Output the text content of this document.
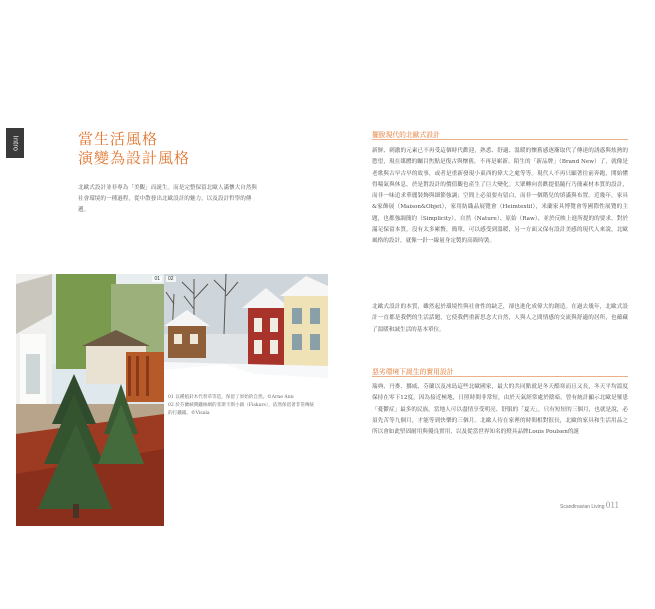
Intro	當生活風格
演變為設計風格
北歐式設計並非專為「美觀」而誕生。而是完整保留北歐人滿懷大自然與社會環境的一種過程，從中散發出北歐設計的魅力，以及設計哲學的傳遞。
01	02
01 以種植針木代替草等造，保留了原始的自然。©Arne Ann
02 於芬蘭峽灣鐵絲網的菲斯卡斯小鎮（Fiskars），依然保留著非常傳統的打鐵鋪。©Visala
擺脫現代的北歐式設計
新鮮、刺激的元素已不再受這個時代歡迎，熟悉、舒適、溫暖的懷舊感逐漸取代了傳達的誘惑與炫熱的慾望，現在媒體的矚目焦點是復古與懷舊，不再是嶄新、陌生的「新品牌」（Brand New）了，就像是老歌與古早古早的故事，或者是重新發現小東西的偉大之處等等。現代人不再只顧著往前奔跑，開始懂得喘氣與休息，於是對設計的價值觀也產生了巨大變化。大眾轉向喜歡提倡隨行乃簡素材本質的設計，而非一味追求華麗裝飾與細節強調；空間上必須要有留白，而非一個階兒的填滿與布置。近幾年，家具&家飾展（Maison&Objet），家用紡織品展覽會（Heimtextil），米蘭家具博覽會等國際性展覽的主題，也都強調簡約（Simplicity）、自然（Nature）、原始（Raw）、並於反映上進所提的的要求。對於滿足保留本質，沒有太多累贅，簡單，可以感受到溫暖，另一方面又保有設計美感的現代人來說，北歐風格的設計，就像一針一線量身定製的高級時裝。
北歐式設計的本質，雖然起於環境性與社會性的缺乏，卻也進化成偉大的創造。在過去幾年，北歐式設計一直都是我們的生活話題，它使我們重新思念大自然，人與人之間情感的交流與舒適的居所，也蘊藏了溫暖和誠生活的基本單位。
惡劣環境下誕生的實用設計
瑞典、丹麥、挪威、芬蘭以及冰島這些北歐國家，最大的共同點就是冬天酷寒而且又長，冬天平均溫度保持在零下12度，因為接近極地，日照時間非常短，由於天氣經常處於陰暗，曾有統計顯示北歐是罹患「憂鬱症」最多的民族。當地人可以盡情享受明亮、舒服的「夏天」，只有短短的三個月，也就是說，必須先苦等九個月，才能等到快樂的三個月。北歐人待在家裡的時間相對很長，北歐的家具和生活用品之所以會如此堅固耐用與優良實用，以及從當世界知名的燈具品牌Louis Poulsen的誕
Scandinavian Living 011
